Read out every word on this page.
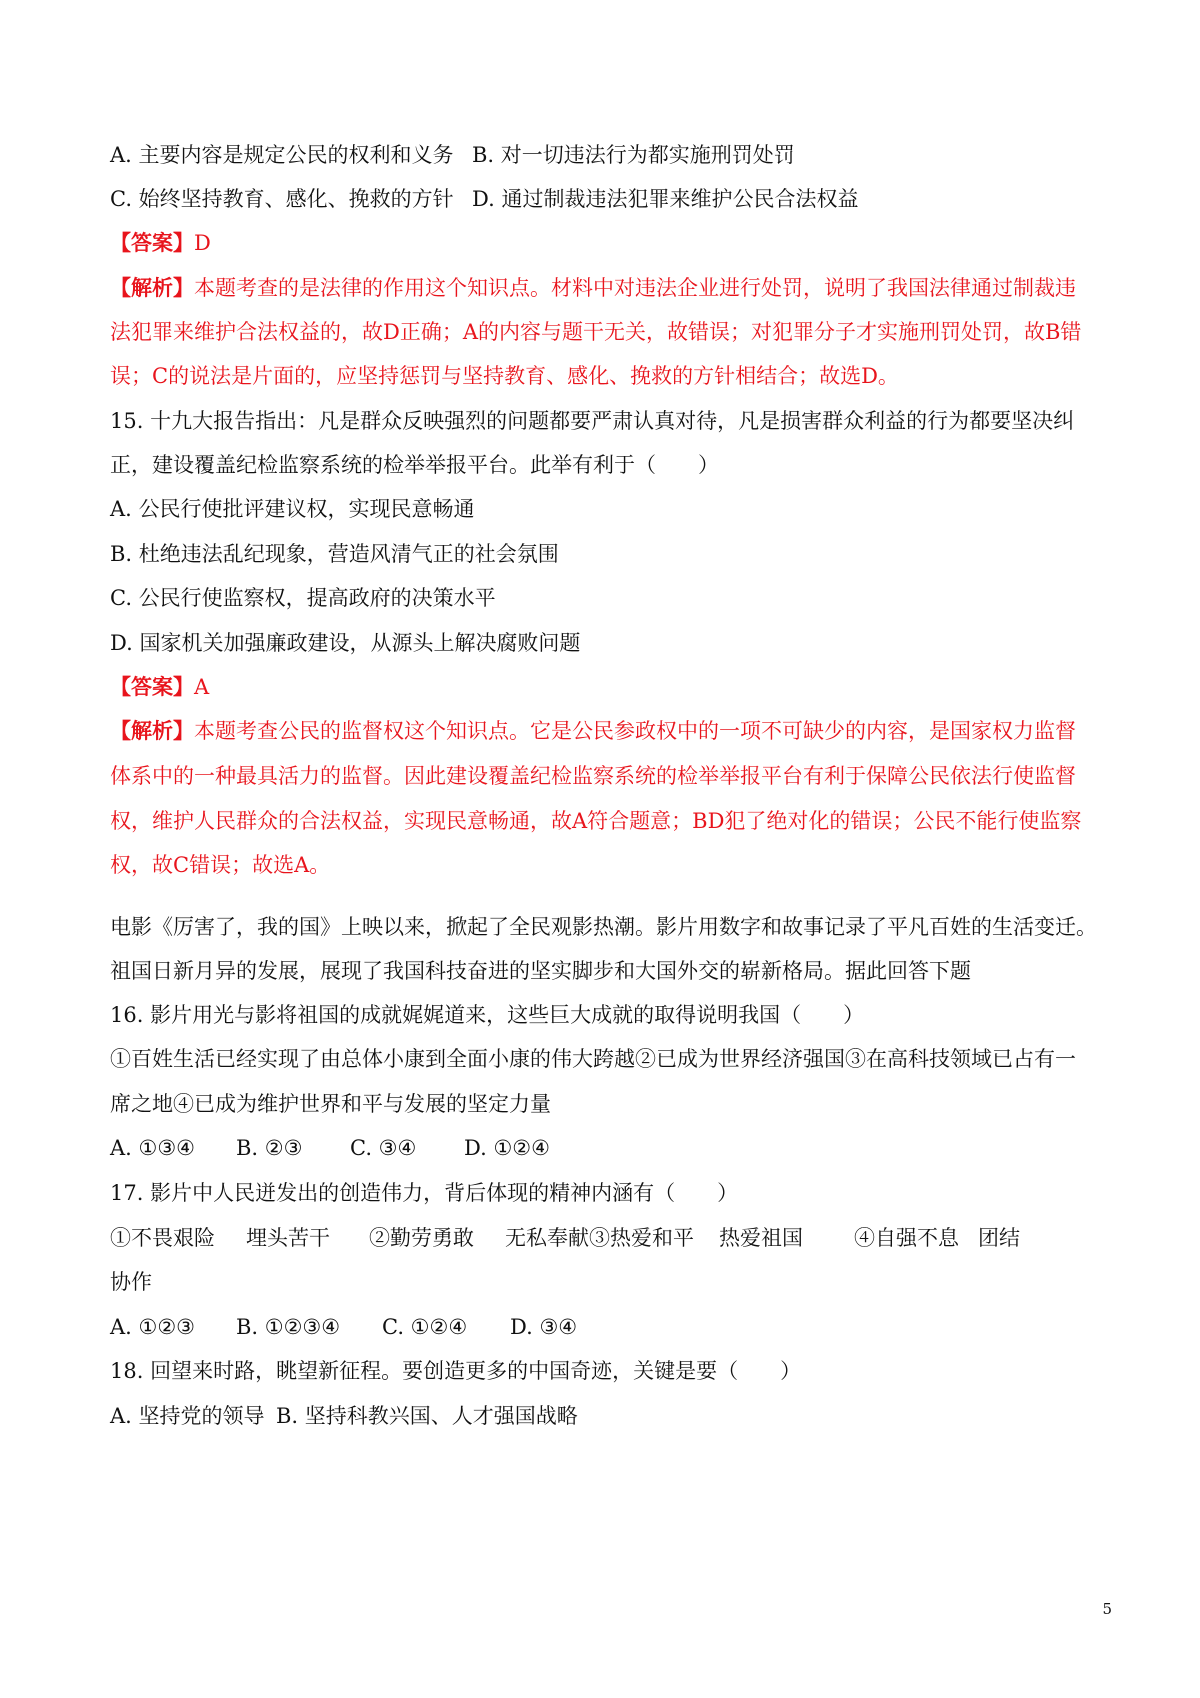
A. 主要内容是规定公民的权利和义务 B. 对一切违法行为都实施刑罚处罚
C. 始终坚持教育、感化、挽救的方针 D. 通过制裁违法犯罪来维护公民合法权益
【答案】D
【解析】本题考查的是法律的作用这个知识点。材料中对违法企业进行处罚，说明了我国法律通过制裁违
法犯罪来维护合法权益的，故D正确；A的内容与题干无关，故错误；对犯罪分子才实施刑罚处罚，故B错
误；C的说法是片面的，应坚持惩罚与坚持教育、感化、挽救的方针相结合；故选D。
15. 十九大报告指出：凡是群众反映强烈的问题都要严肃认真对待，凡是损害群众利益的行为都要坚决纠
正，建设覆盖纪检监察系统的检举举报平台。此举有利于（　　）
A. 公民行使批评建议权，实现民意畅通
B. 杜绝违法乱纪现象，营造风清气正的社会氛围
C. 公民行使监察权，提高政府的决策水平
D. 国家机关加强廉政建设，从源头上解决腐败问题
【答案】A
【解析】本题考查公民的监督权这个知识点。它是公民参政权中的一项不可缺少的内容，是国家权力监督
体系中的一种最具活力的监督。因此建设覆盖纪检监察系统的检举举报平台有利于保障公民依法行使监督
权，维护人民群众的合法权益，实现民意畅通，故A符合题意；BD犯了绝对化的错误；公民不能行使监察
权，故C错误；故选A。
电影《厉害了，我的国》上映以来，掀起了全民观影热潮。影片用数字和故事记录了平凡百姓的生活变迁。
祖国日新月异的发展，展现了我国科技奋进的坚实脚步和大国外交的崭新格局。据此回答下题
16. 影片用光与影将祖国的成就娓娓道来，这些巨大成就的取得说明我国（　　）
①百姓生活已经实现了由总体小康到全面小康的伟大跨越②已成为世界经济强国③在高科技领域已占有一
席之地④已成为维护世界和平与发展的坚定力量
A. ①③④ B. ②③ C. ③④ D. ①②④
17. 影片中人民迸发出的创造伟力，背后体现的精神内涵有（　　）
①不畏艰险 埋头苦干 ②勤劳勇敢 无私奉献③热爱和平 热爱祖国 ④自强不息 团结
协作
A. ①②③ B. ①②③④ C. ①②④ D. ③④
18. 回望来时路，眺望新征程。要创造更多的中国奇迹，关键是要（　　）
A. 坚持党的领导 B. 坚持科教兴国、人才强国战略
5
